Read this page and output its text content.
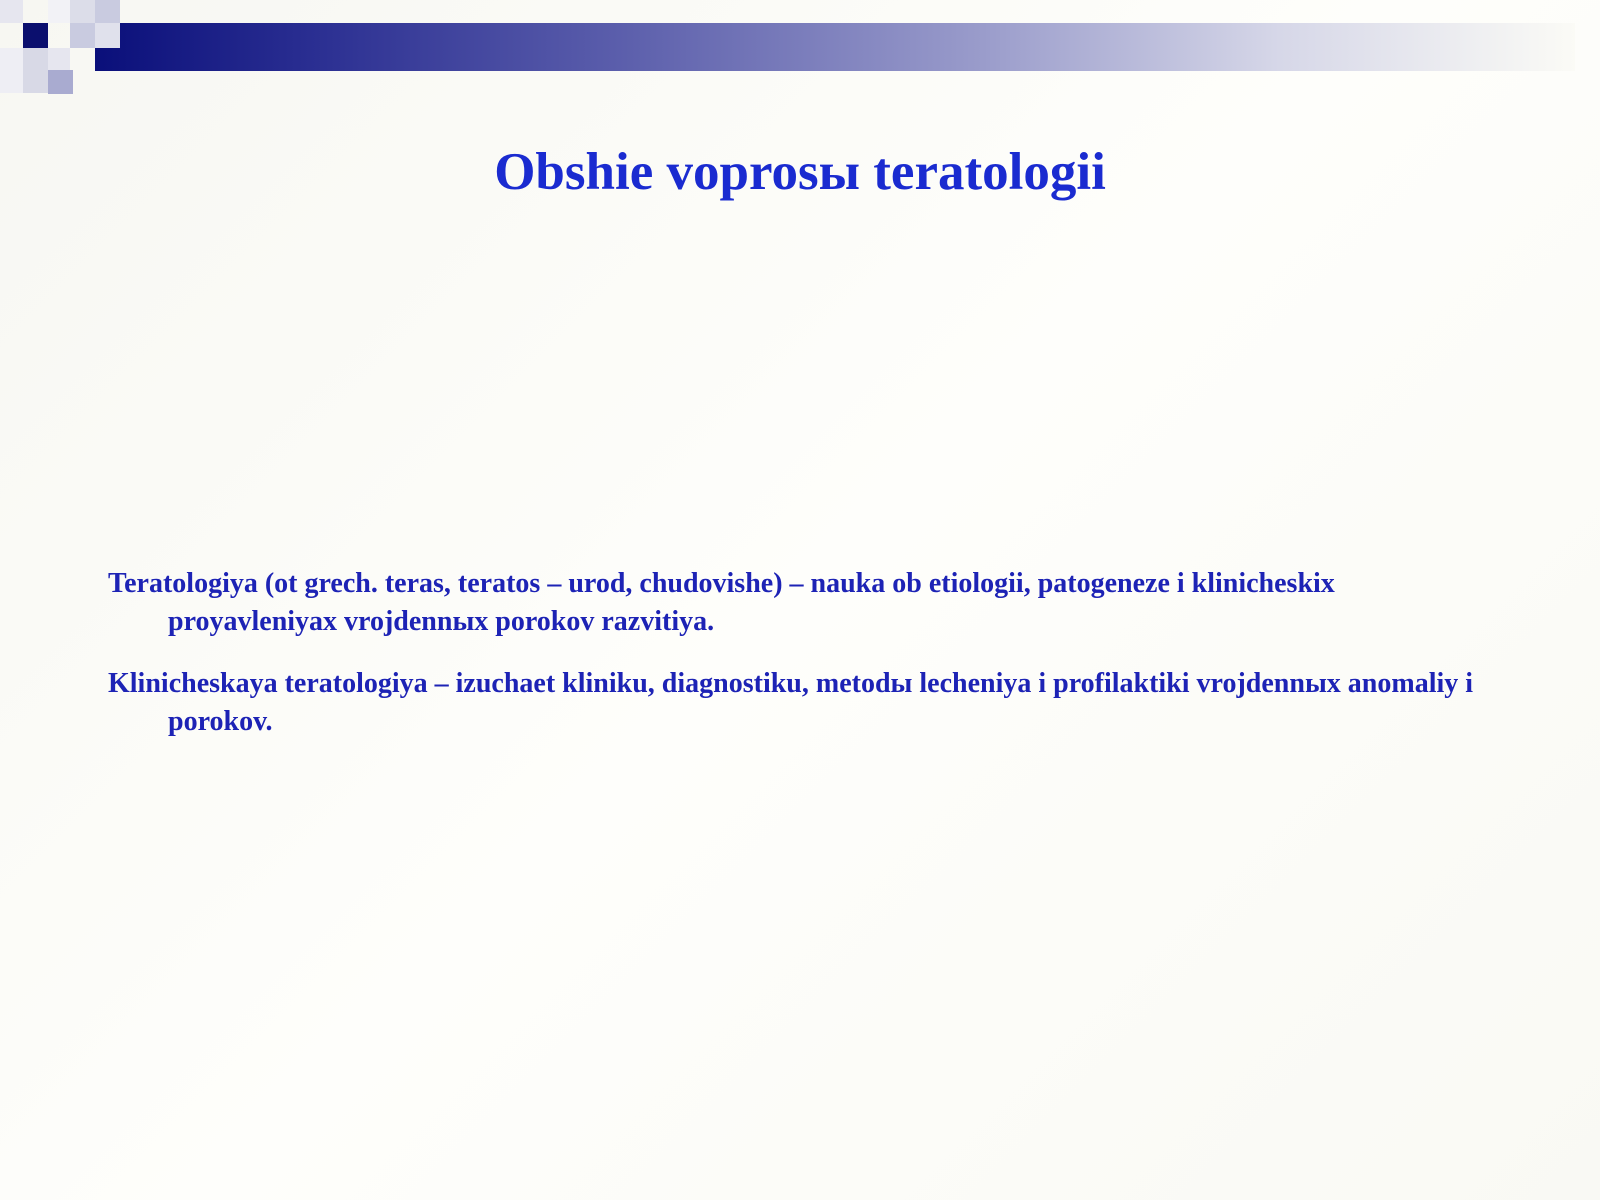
Obshie voprosы teratologii

Teratologiya (ot grech. teras, teratos – urod, chudovishe) – nauka ob etiologii, patogeneze i klinicheskix proyavleniyax vrojdennыx porokov razvitiya.

Klinicheskaya teratologiya – izuchaet kliniku, diagnostiku, metodы lecheniya i profilaktiki vrojdennыx anomaliy i porokov.
